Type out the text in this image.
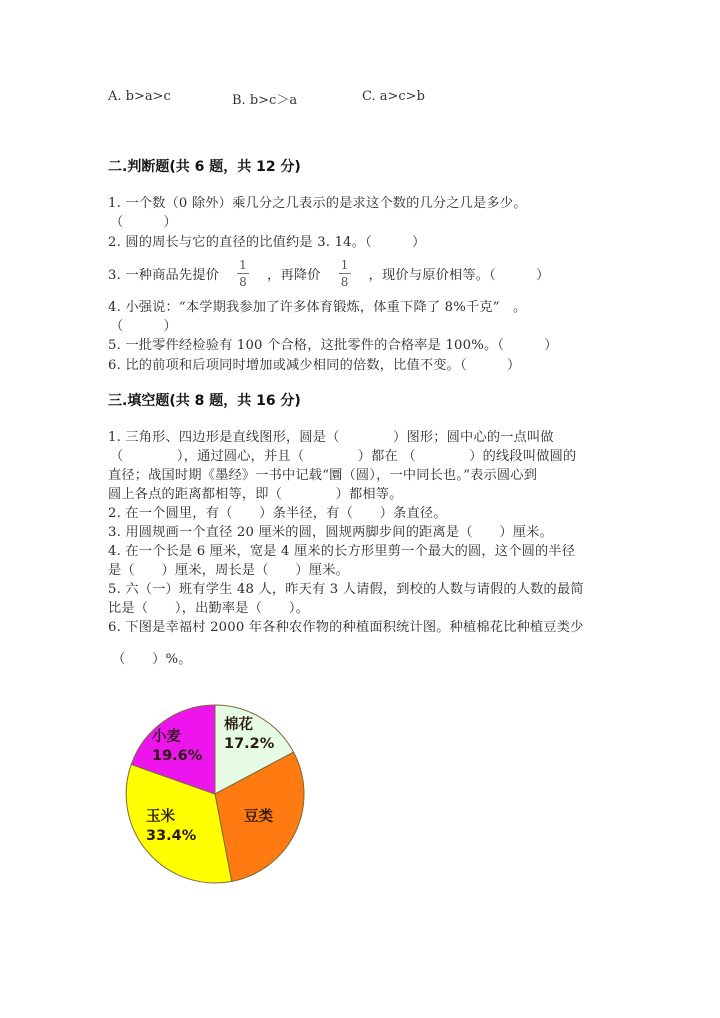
A. b>a>c	B. b>c＞a	C. a>c>b
二.判断题(共 6 题，共 12 分)
1. 一个数（0 除外）乘几分之几表示的是求这个数的几分之几是多少。
（　　　）
2. 圆的周长与它的直径的比值约是 3. 14。（　　　）
3. 一种商品先提价 $\frac{1}{8}$ ，再降价 $\frac{1}{8}$ ，现价与原价相等。（　　　）
4. 小强说：“本学期我参加了许多体育锻炼，体重下降了 8%千克”　。
（　　　）
5. 一批零件经检验有 100 个合格，这批零件的合格率是 100%。（　　　）
6. 比的前项和后项同时增加或减少相同的倍数，比值不变。（　　　）
三.填空题(共 8 题，共 16 分)
1. 三角形、四边形是直线图形，圆是（　　　　）图形；圆中心的一点叫做
（　　　　），通过圆心，并且（　　　　）都在 （　　　　）的线段叫做圆的
直径；战国时期《墨经》一书中记载“圜（圆），一中同长也。”表示圆心到
圆上各点的距离都相等，即（　　　　）都相等。
2. 在一个圆里，有（　　）条半径，有（　　）条直径。
3. 用圆规画一个直径 20 厘米的圆，圆规两脚步间的距离是（　　）厘米。
4. 在一个长是 6 厘米，宽是 4 厘米的长方形里剪一个最大的圆，这个圆的半径
是（　　）厘米，周长是（　　）厘米。
5. 六（一）班有学生 48 人，昨天有 3 人请假，到校的人数与请假的人数的最简
比是（　　），出勤率是（　　）。
6. 下图是幸福村 2000 年各种农作物的种植面积统计图。种植棉花比种植豆类少
（　　）%。
棉花
17.2%
小麦
19.6%
玉米
33.4%
豆类
